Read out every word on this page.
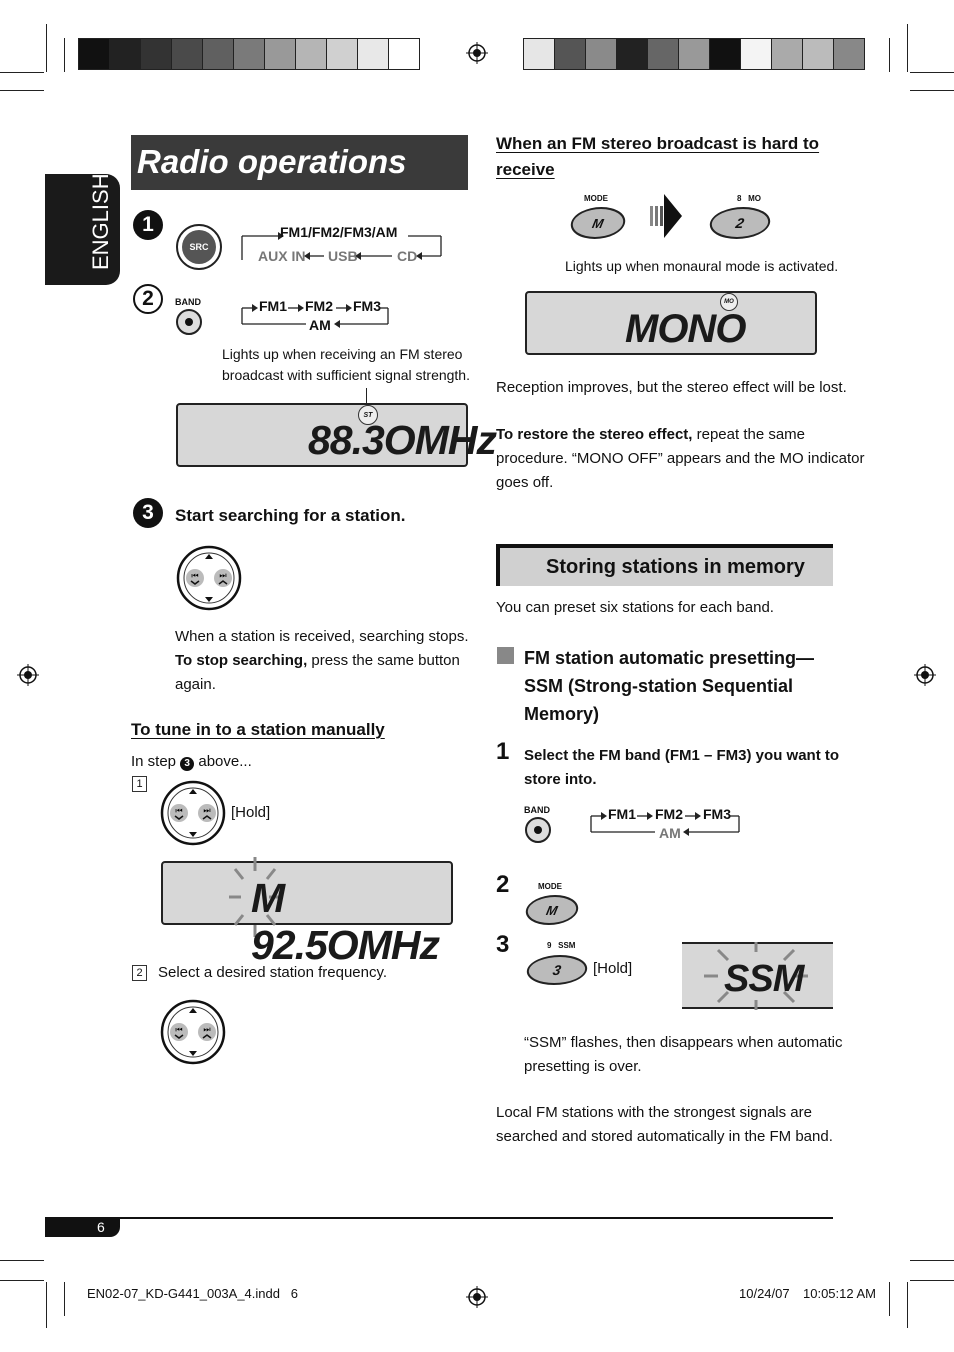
ENGLISH
Radio operations
1
SRC
FM1/FM2/FM3/AM
AUX IN USB	CD
2	BAND	FM1 FM2 FM3
AM
Lights up when receiving an FM stereo
broadcast with sufficient signal strength.
ST
88.3OMHz
3	Start searching for a station.
⏮	⏭
When a station is received, searching stops.
To stop searching, press the same button
again.
To tune in to a station manually
In step 3 above...
1
⏮	⏭ [Hold]
M 92.5OMHz
2 Select a desired station frequency.
⏮	⏭
When an FM stereo broadcast is hard to
receive
MODE
M
8   MO
2
Lights up when monaural mode is activated.
MO
MONO
Reception improves, but the stereo effect will be lost.
To restore the stereo effect, repeat the same
procedure. “MONO OFF” appears and the MO indicator
goes off.
Storing stations in memory
You can preset six stations for each band.
FM station automatic presetting—
SSM (Strong-station Sequential
Memory)
1 Select the FM band (FM1 – FM3) you want to
store into.
BAND	FM1 FM2 FM3
AM
2	MODE
M
3	9   SSM
3 [Hold] SSM
“SSM” flashes, then disappears when automatic
presetting is over.
Local FM stations with the strongest signals are
searched and stored automatically in the FM band.
6
EN02-07_KD-G441_003A_4.indd   6	10/24/07 10:05:12 AM
